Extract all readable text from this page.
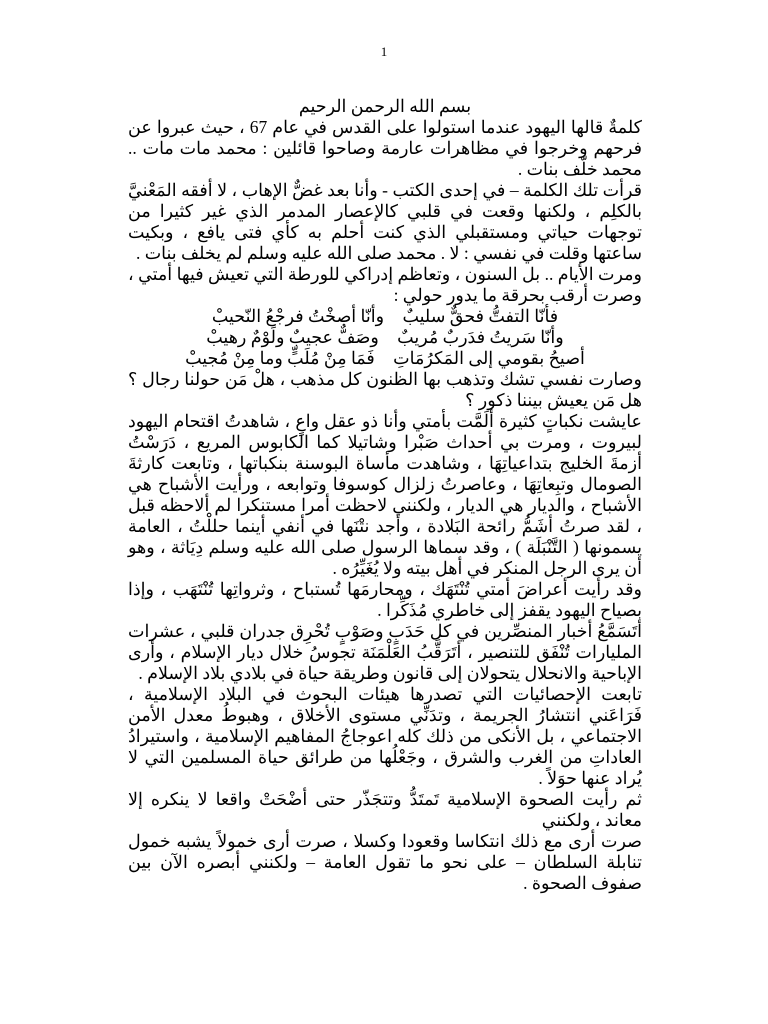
1

بسم الله الرحمن الرحيم

كلمةٌ قالها اليهود عندما استولوا على القدس في عام 67 ، حيث عبروا عن فرحهم وخرجوا في مظاهرات عارمة وصاحوا قائلين : محمد مات مات .. محمد خلّف بنات .

قرأت تلك الكلمة – في إحدى الكتب - وأنا بعد غضٌّ الإهاب ، لا أفقه المَعْنيَّ بالكلِم ، ولكنها وقعت في قلبي كالإعصار المدمر الذي غير كثيرا من توجهات حياتي ومستقبلي الذي كنت أحلم به كأي فتى يافع ، وبكيت ساعتها وقلت في نفسي : لا . محمد صلى الله عليه وسلم لم يخلف بنات .

ومرت الأيام .. بل السنون ، وتعاظم إدراكي للورطة التي تعيش فيها أمتي ، وصرت أرقب بحرقة ما يدور حولي :

فأنّا التفتُّ فحقٌّ سليبٌ وأنّا أصخْتُ فرجْعُ النّحيبْ
وأنّا سَريتُ فدَربٌ مُريبٌ وصَفٌّ عجيبٌ ولَوْمٌ رهيبْ
أصيحُ بقومي إلى المَكرُمَاتِ فَمَا مِنْ مُلَبٍّ وما مِنْ مُجيبْ

وصارت نفسي تشك وتذهب بها الظنون كل مذهب ، هلْ مَن حولنا رجال ؟ هل مَن يعيش بيننا ذكور ؟

عايشت نكباتٍ كثيرة ألَمَّت بأمتي وأنا ذو عقل واعٍ ، شاهدتُ اقتحام اليهود لبيروت ، ومرت بي أحداث صَبْرا وشاتيلا كما الكابوس المريع ، دَرَسْتُ أزمةَ الخليج بتداعياتِهَا ، وشاهدت مأساة البوسنة بنكباتها ، وتابعت كارثةَ الصومال وتبِعاتِهَا ، وعاصرتُ زلزال كوسوفا وتوابعه ، ورأيت الأشباح هي الأشباح ، والديار هي الديار ، ولكنني لاحظت أمرا مستنكرا لم ألاحظه قبل ، لقد صرتُ أشَمُّ رائحة البَلادة ، وأجد نتْنَها في أنفي أينما حللْتُ ، العامة يسمونها ( التَّنْبَلَة ) ، وقد سماها الرسول صلى الله عليه وسلم دِيَاثة ، وهو أن يرى الرجل المنكر في أهل بيته ولا يُغَيِّرُه .

وقد رأيت أعراضَ أمتي تُنْتَهَك ، ومحارمَها تُستباح ، وثرواتِها تُنْتَهَب ، وإذا بصياح اليهود يقفز إلى خاطري مُذَكِّرا .

أتَسَمَّعُ أخبار المنصِّرين في كل حَدَبٍ وصَوْبٍ تُحْرِق جدران قلبي ، عشرات المليارات تُنْفَق للتنصير ، أتَرَقَّبُ العَلْمَنَة تجوسُ خلال ديار الإسلام ، وأرى الإباحية والانحلال يتحولان إلى قانون وطريقة حياة في بلادي بلاد الإسلام .

تابعت الإحصائيات التي تصدرها هيئات البحوث في البلاد الإسلامية ، فَرَاعَني انتشارُ الجريمة ، وتدَنِّي مستوى الأخلاق ، وهبوطُ معدل الأمن الاجتماعي ، بل الأنكى من ذلك كله اعوجاجُ المفاهيم الإسلامية ، واستيرادُ العاداتِ من الغرب والشرق ، وجَعْلُها من طرائق حياة المسلمين التي لا يُراد عنها حوَلاً .

ثم رأيت الصحوة الإسلامية تَمتَدُّ وتتجَذّر حتى أضْحَتْ واقعا لا ينكره إلا معاند ، ولكنني

صرت أرى مع ذلك انتكاسا وقعودا وكسلا ، صرت أرى خمولاً يشبه خمول تنابلة السلطان – على نحو ما تقول العامة – ولكنني أبصره الآن بين صفوف الصحوة .
